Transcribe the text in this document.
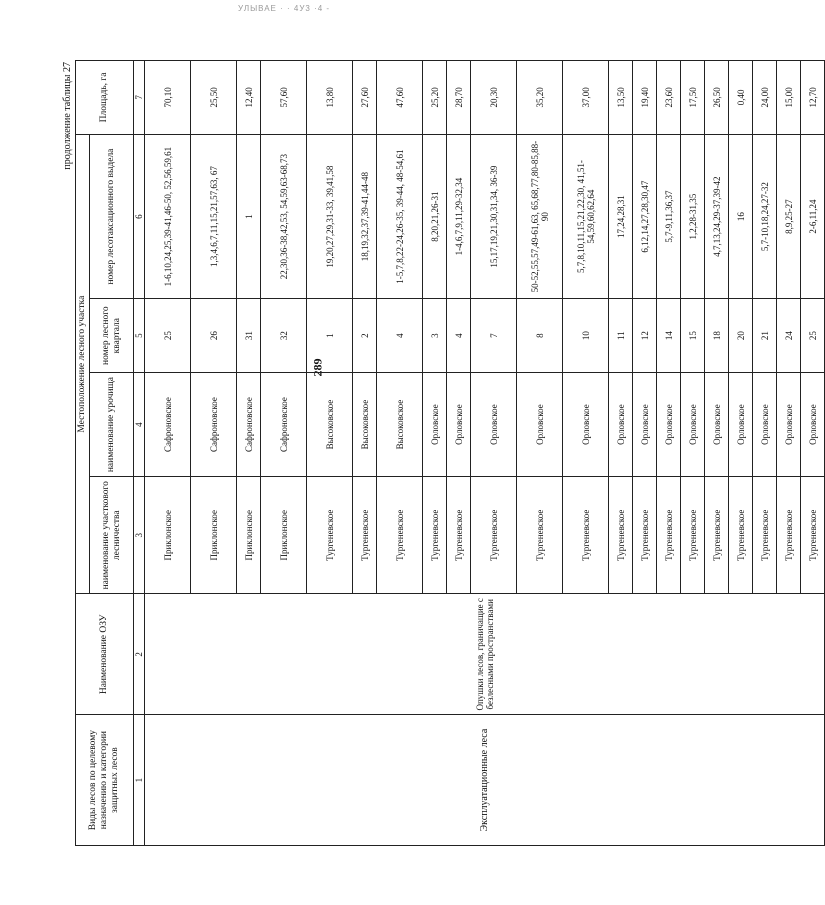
УЛЫВАЕ · · 4У3 ·4 -
289
продолжение таблицы 27
Виды лесов по целевому назначению и категории защитных лесов	Наименование ОЗУ	Местоположение лесного участка				Площадь, га
		наименование участкового лесничества	наименование урочища	номер лесного квартала	номер лесотаксационного выдела	
1	2	3	4	5	6	7
Эксплуатационные леса	Опушки лесов, граничащие с безлесными пространствами	Приклонское	Сафроновское	25	1-6,10,24,25,39-41,46-50, 52,56,59,61	70,10
		Приклонское	Сафроновское	26	1,3,4,6,7,11,15,21,57,63, 67	25,50
		Приклонское	Сафроновское	31	1	12,40
		Приклонское	Сафроновское	32	22,30,36-38,42,53, 54,59,63-68,73	57,60
		Тургеневское	Высоковское	1	19,20,27,29,31-33, 39,41,58	13,80
		Тургеневское	Высоковское	2	18,19,32,37,39-41,44-48	27,60
		Тургеневское	Высоковское	4	1-5,7,8,22-24,26-35, 39-44, 48-54,61	47,60
		Тургеневское	Орловское	3	8,20,21,26-31	25,20
		Тургеневское	Орловское	4	1-4,6,7,9,11,29-32,34	28,70
		Тургеневское	Орловское	7	15,17,19,21,30,31,34, 36-39	20,30
		Тургеневское	Орловское	8	50-52,55,57,49-61,63, 65,68,77,80-85,88-90	35,20
		Тургеневское	Орловское	10	5,7,8,10,11,15,21,22,30, 41,51-54,59,60,62,64	37,00
		Тургеневское	Орловское	11	17,24,28,31	13,50
		Тургеневское	Орловское	12	6,12,14,27,28,30,47	19,40
		Тургеневское	Орловское	14	5,7-9,11,36,37	23,60
		Тургеневское	Орловское	15	1,2,28-31,35	17,50
		Тургеневское	Орловское	18	4,7,13,24,29-37,39-42	26,50
		Тургеневское	Орловское	20	16	0,40
		Тургеневское	Орловское	21	5,7-10,18,24,27-32	24,00
		Тургеневское	Орловское	24	8,9,25-27	15,00
		Тургеневское	Орловское	25	2-6,11,24	12,70
